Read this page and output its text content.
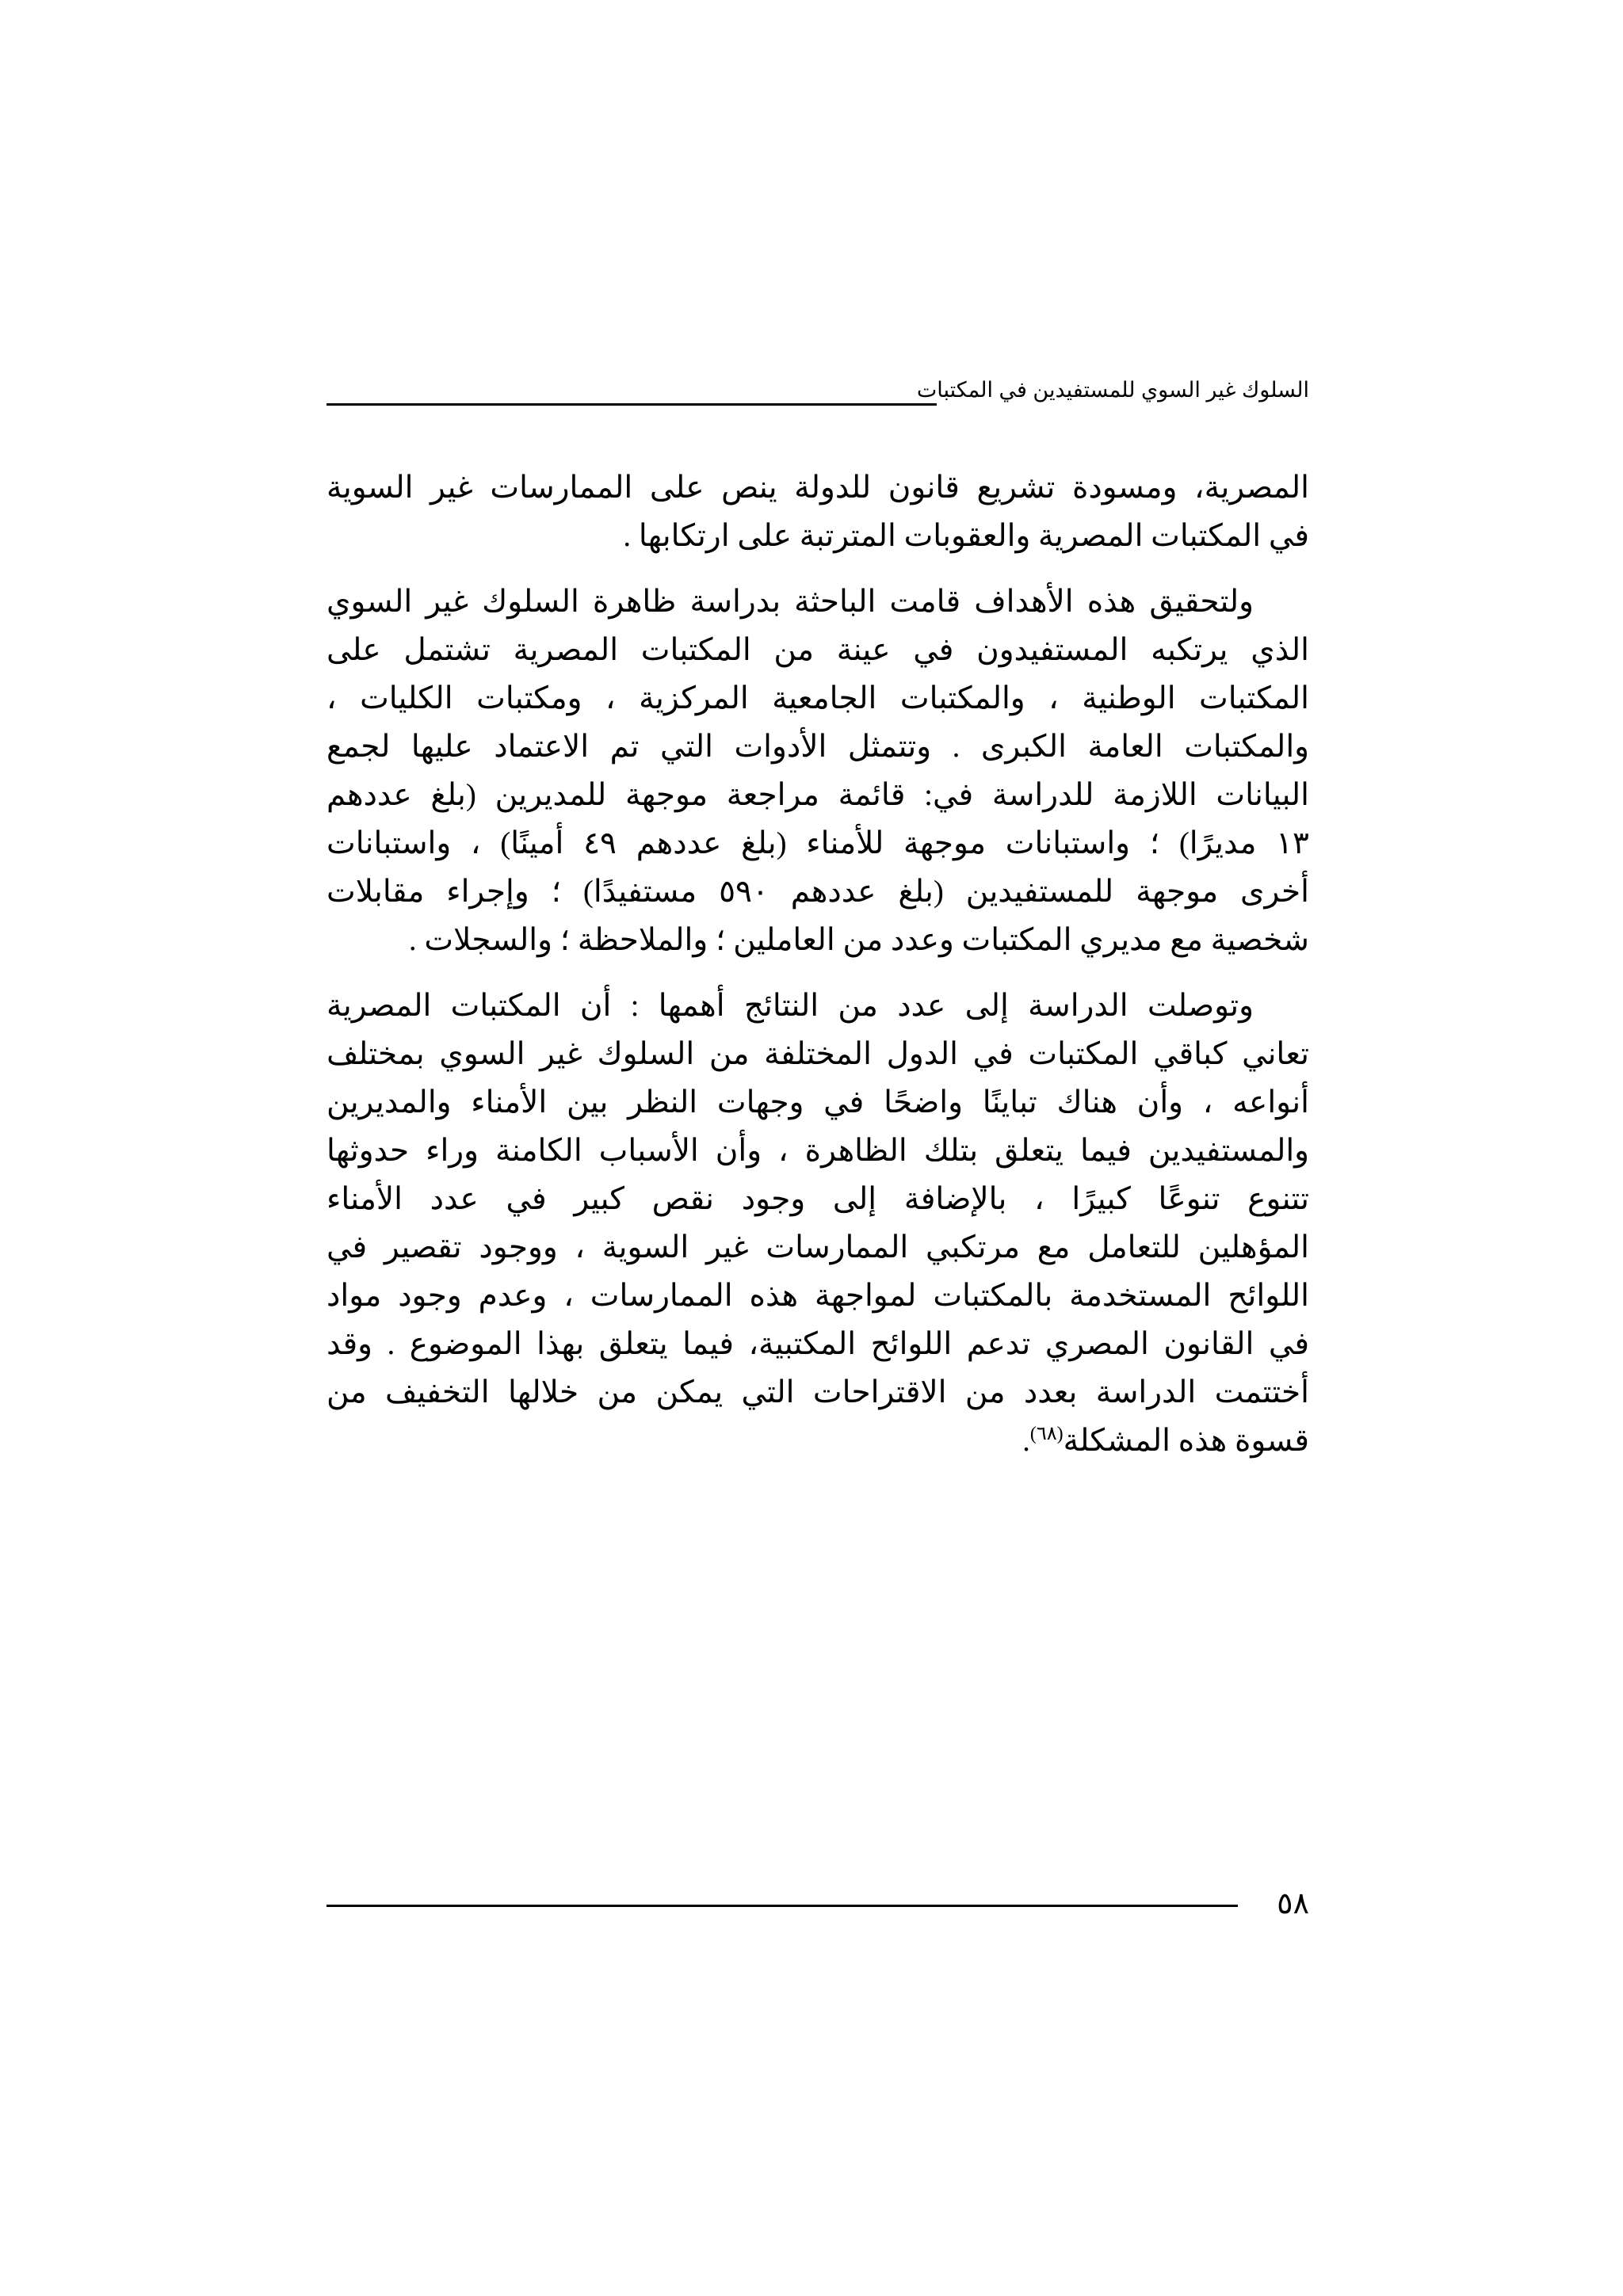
السلوك غير السوي للمستفيدين في المكتبات

المصرية، ومسودة تشريع قانون للدولة ينص على الممارسات غير السوية
في المكتبات المصرية والعقوبات المترتبة على ارتكابها .

ولتحقيق هذه الأهداف قامت الباحثة بدراسة ظاهرة السلوك غير السوي
الذي يرتكبه المستفيدون في عينة من المكتبات المصرية تشتمل على
المكتبات الوطنية ، والمكتبات الجامعية المركزية ، ومكتبات الكليات ،
والمكتبات العامة الكبرى . وتتمثل الأدوات التي تم الاعتماد عليها لجمع
البيانات اللازمة للدراسة في: قائمة مراجعة موجهة للمديرين (بلغ عددهم
١٣ مديرًا) ؛ واستبانات موجهة للأمناء (بلغ عددهم ٤٩ أمينًا) ، واستبانات
أخرى موجهة للمستفيدين (بلغ عددهم ٥٩٠ مستفيدًا) ؛ وإجراء مقابلات
شخصية مع مديري المكتبات وعدد من العاملين ؛ والملاحظة ؛ والسجلات .

وتوصلت الدراسة إلى عدد من النتائج أهمها : أن المكتبات المصرية
تعاني كباقي المكتبات في الدول المختلفة من السلوك غير السوي بمختلف
أنواعه ، وأن هناك تباينًا واضحًا في وجهات النظر بين الأمناء والمديرين
والمستفيدين فيما يتعلق بتلك الظاهرة ، وأن الأسباب الكامنة وراء حدوثها
تتنوع تنوعًا كبيرًا ، بالإضافة إلى وجود نقص كبير في عدد الأمناء
المؤهلين للتعامل مع مرتكبي الممارسات غير السوية ، ووجود تقصير في
اللوائح المستخدمة بالمكتبات لمواجهة هذه الممارسات ، وعدم وجود مواد
في القانون المصري تدعم اللوائح المكتبية، فيما يتعلق بهذا الموضوع . وقد
أختتمت الدراسة بعدد من الاقتراحات التي يمكن من خلالها التخفيف من
قسوة هذه المشكلة$^{(٦٨)}$.

٥٨
